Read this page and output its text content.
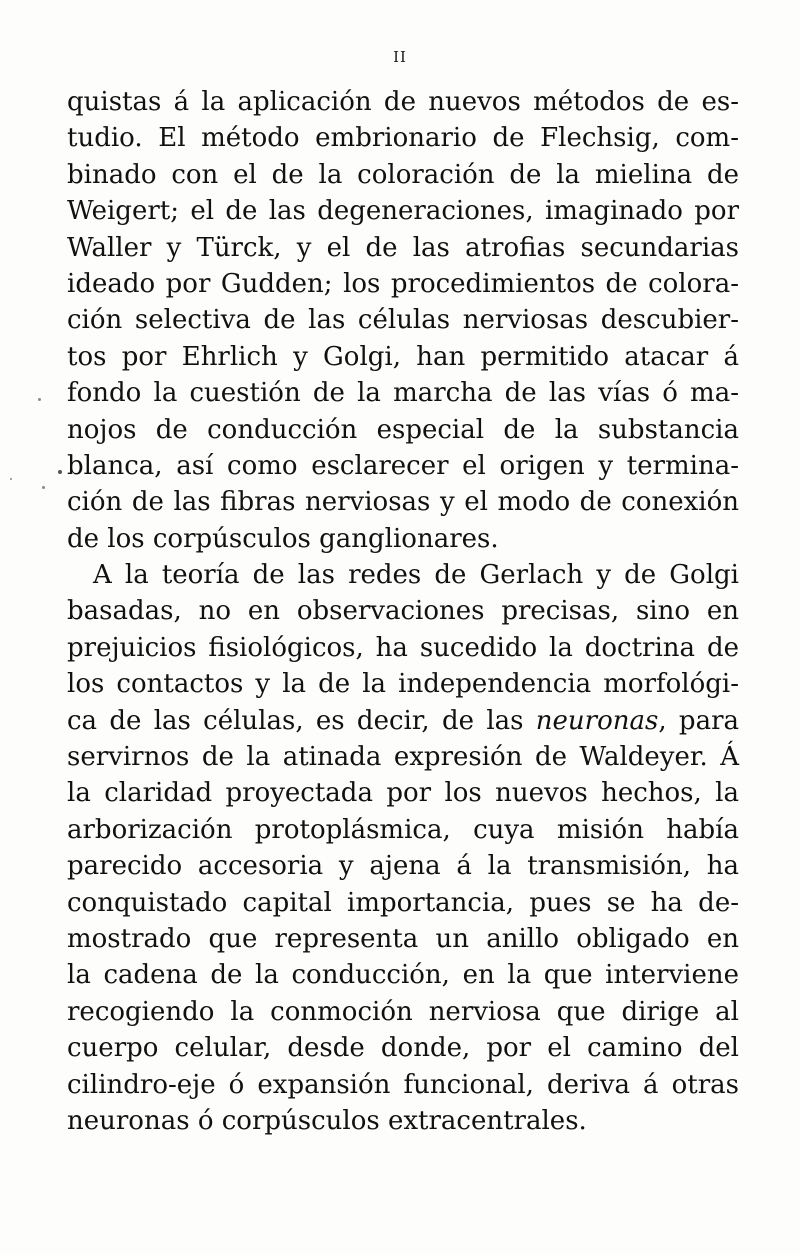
II
quistas á la aplicación de nuevos métodos de es-
tudio. El método embrionario de Flechsig, com-
binado con el de la coloración de la mielina de
Weigert; el de las degeneraciones, imaginado por
Waller y Türck, y el de las atrofias secundarias
ideado por Gudden; los procedimientos de colora-
ción selectiva de las células nerviosas descubier-
tos por Ehrlich y Golgi, han permitido atacar á
fondo la cuestión de la marcha de las vías ó ma-
nojos de conducción especial de la substancia
blanca, así como esclarecer el origen y termina-
ción de las fibras nerviosas y el modo de conexión
de los corpúsculos ganglionares.
A la teoría de las redes de Gerlach y de Golgi
basadas, no en observaciones precisas, sino en
prejuicios fisiológicos, ha sucedido la doctrina de
los contactos y la de la independencia morfológi-
ca de las células, es decir, de las neuronas, para
servirnos de la atinada expresión de Waldeyer. Á
la claridad proyectada por los nuevos hechos, la
arborización protoplásmica, cuya misión había
parecido accesoria y ajena á la transmisión, ha
conquistado capital importancia, pues se ha de-
mostrado que representa un anillo obligado en
la cadena de la conducción, en la que interviene
recogiendo la conmoción nerviosa que dirige al
cuerpo celular, desde donde, por el camino del
cilindro-eje ó expansión funcional, deriva á otras
neuronas ó corpúsculos extracentrales.
